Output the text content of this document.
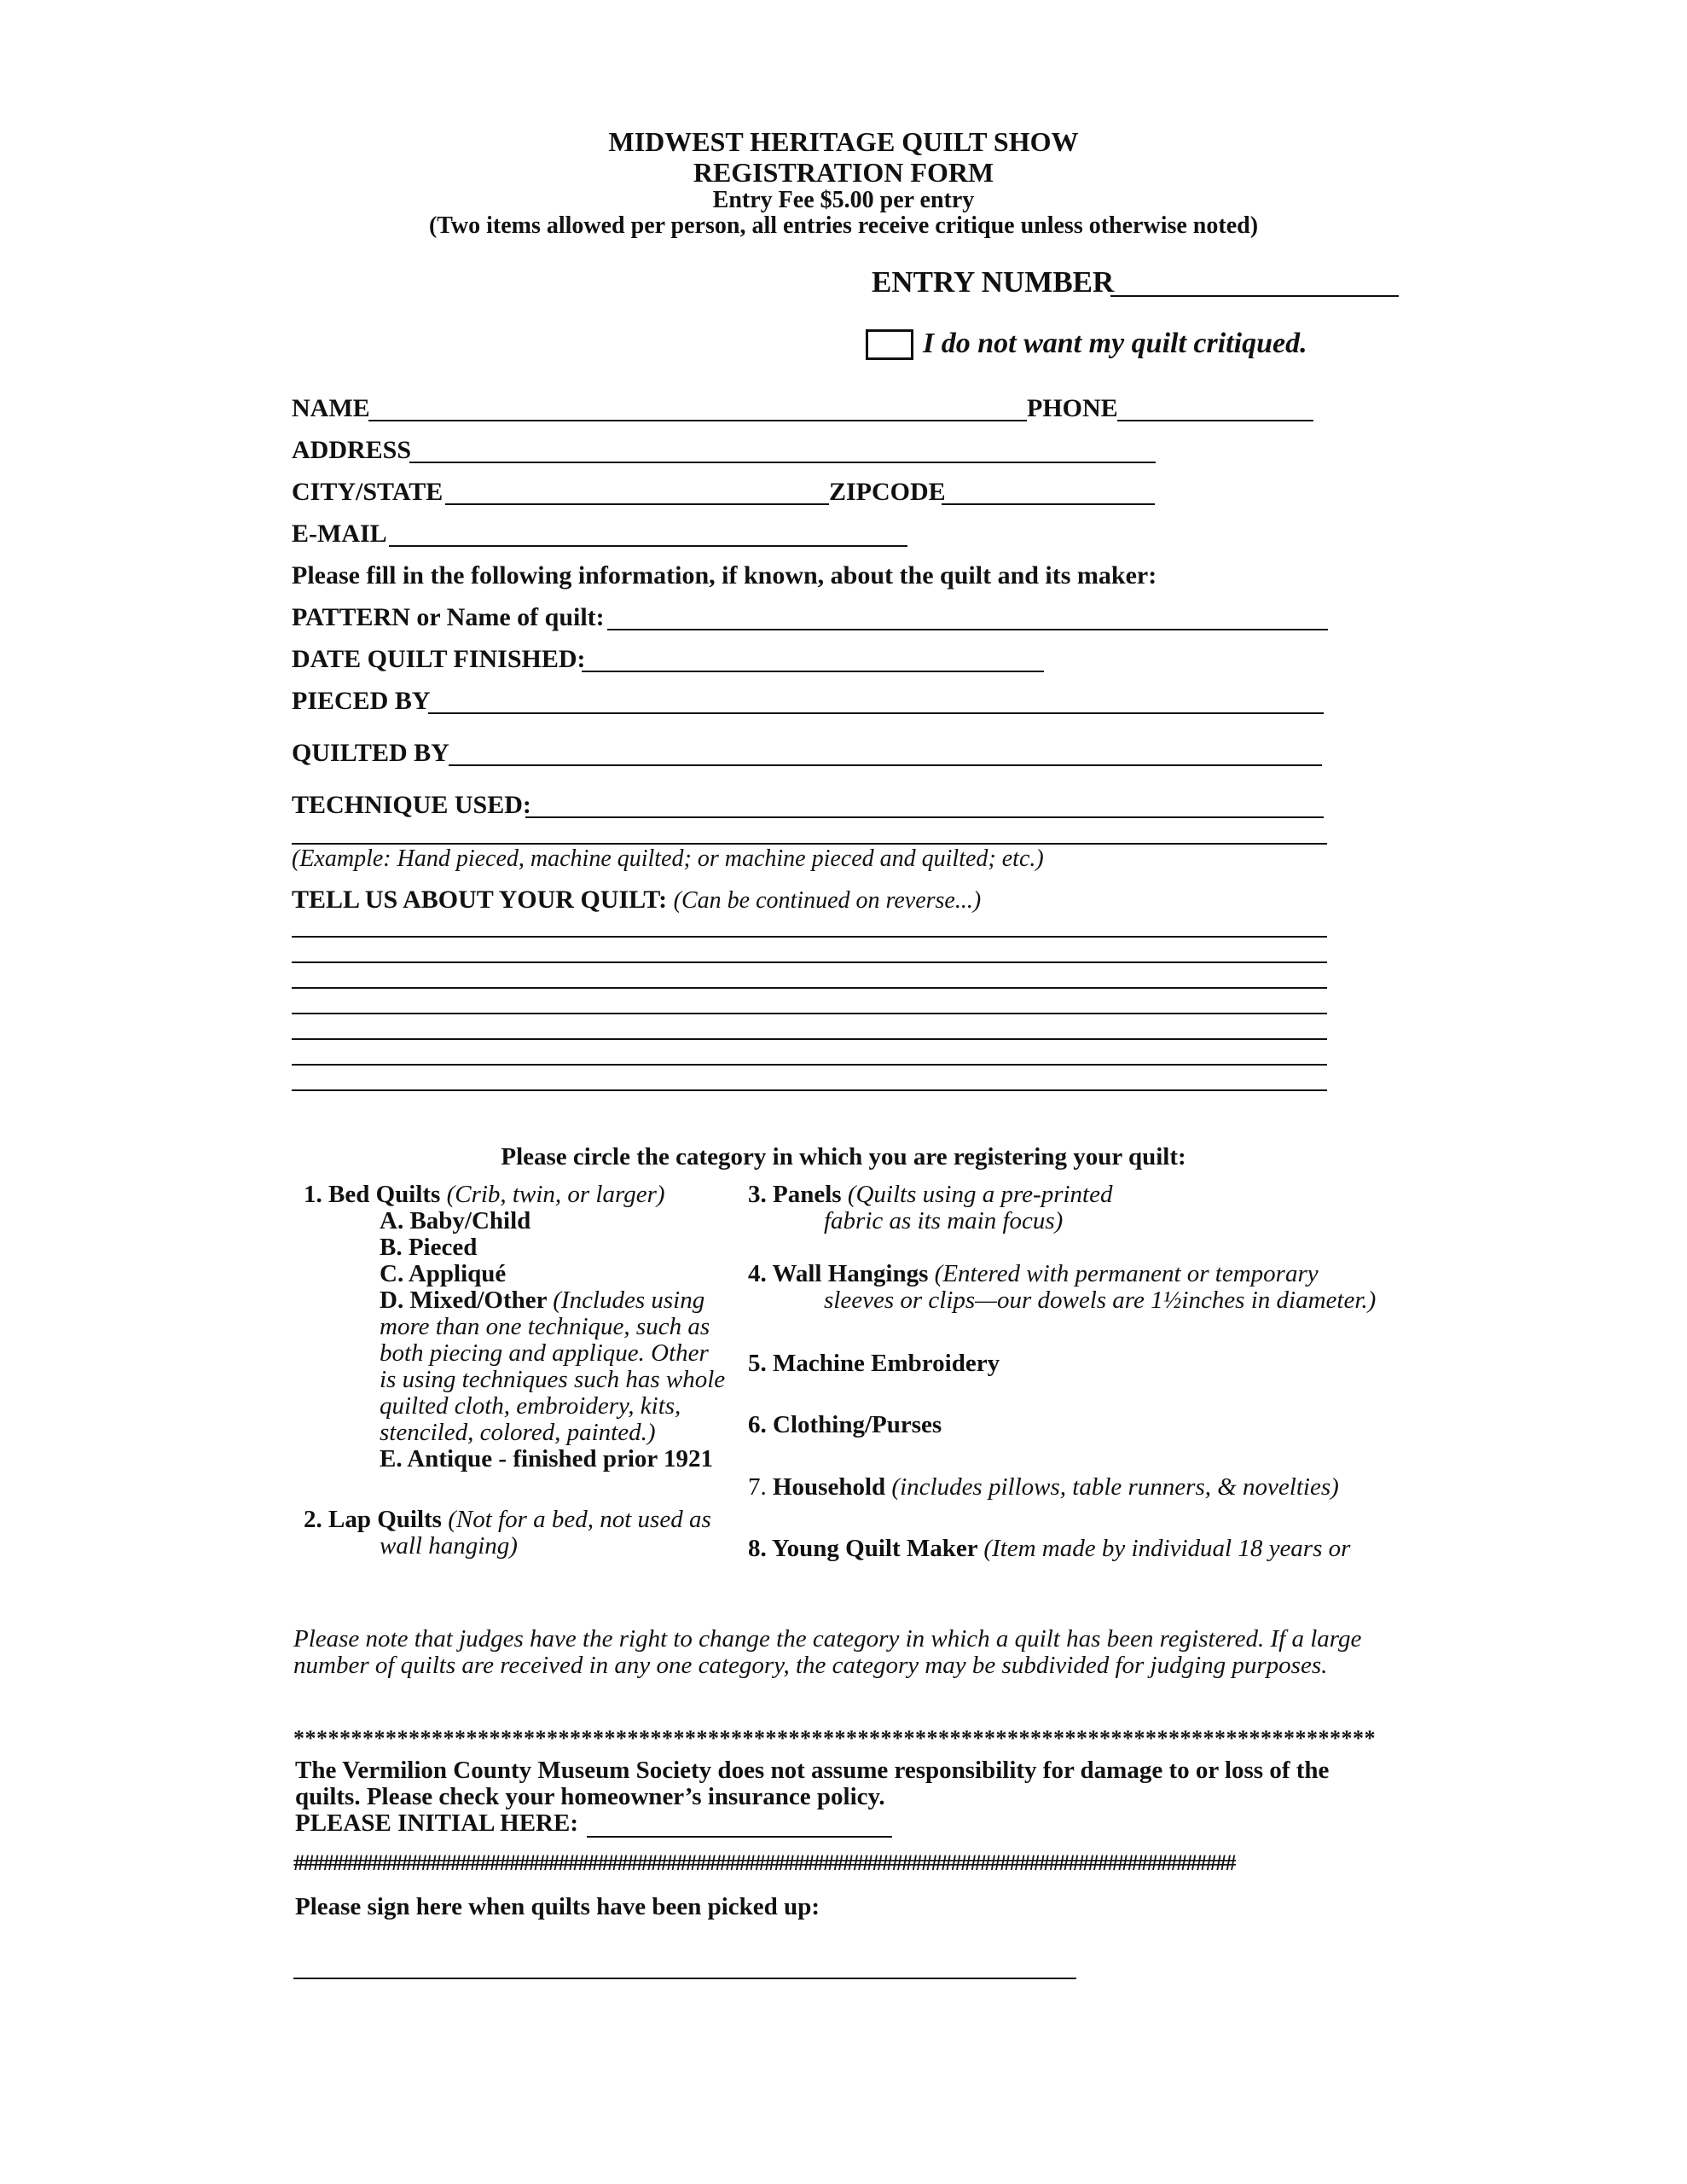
MIDWEST HERITAGE QUILT SHOW
REGISTRATION FORM
Entry Fee $5.00 per entry
(Two items allowed per person, all entries receive critique unless otherwise noted)
ENTRY NUMBER
I do not want my quilt critiqued.
NAME	PHONE
ADDRESS
CITY/STATE	ZIPCODE
E-MAIL
Please fill in the following information, if known, about the quilt and its maker:
PATTERN or Name of quilt:
DATE QUILT FINISHED:
PIECED BY
QUILTED BY
TECHNIQUE USED:
(Example: Hand pieced, machine quilted; or machine pieced and quilted; etc.)
TELL US ABOUT YOUR QUILT: (Can be continued on reverse...)
Please circle the category in which you are registering your quilt:
1. Bed Quilts (Crib, twin, or larger)
A. Baby/Child
B. Pieced
C. Appliqué
D. Mixed/Other (Includes using
more than one technique, such as
both piecing and applique. Other
is using techniques such has whole
quilted cloth, embroidery, kits,
stenciled, colored, painted.)
E. Antique - finished prior 1921
2. Lap Quilts (Not for a bed, not used as
wall hanging)
3. Panels (Quilts using a pre-printed
fabric as its main focus)
4. Wall Hangings (Entered with permanent or temporary
sleeves or clips—our dowels are 1½inches in diameter.)
5. Machine Embroidery
6. Clothing/Purses
7. Household (includes pillows, table runners, & novelties)
8. Young Quilt Maker (Item made by individual 18 years or
Please note that judges have the right to change the category in which a quilt has been registered. If a large
number of quilts are received in any one category, the category may be subdivided for judging purposes.
**********************************************************************************************
The Vermilion County Museum Society does not assume responsibility for damage to or loss of the
quilts. Please check your homeowner’s insurance policy.
PLEASE INITIAL HERE:
################################################################################################
Please sign here when quilts have been picked up:
